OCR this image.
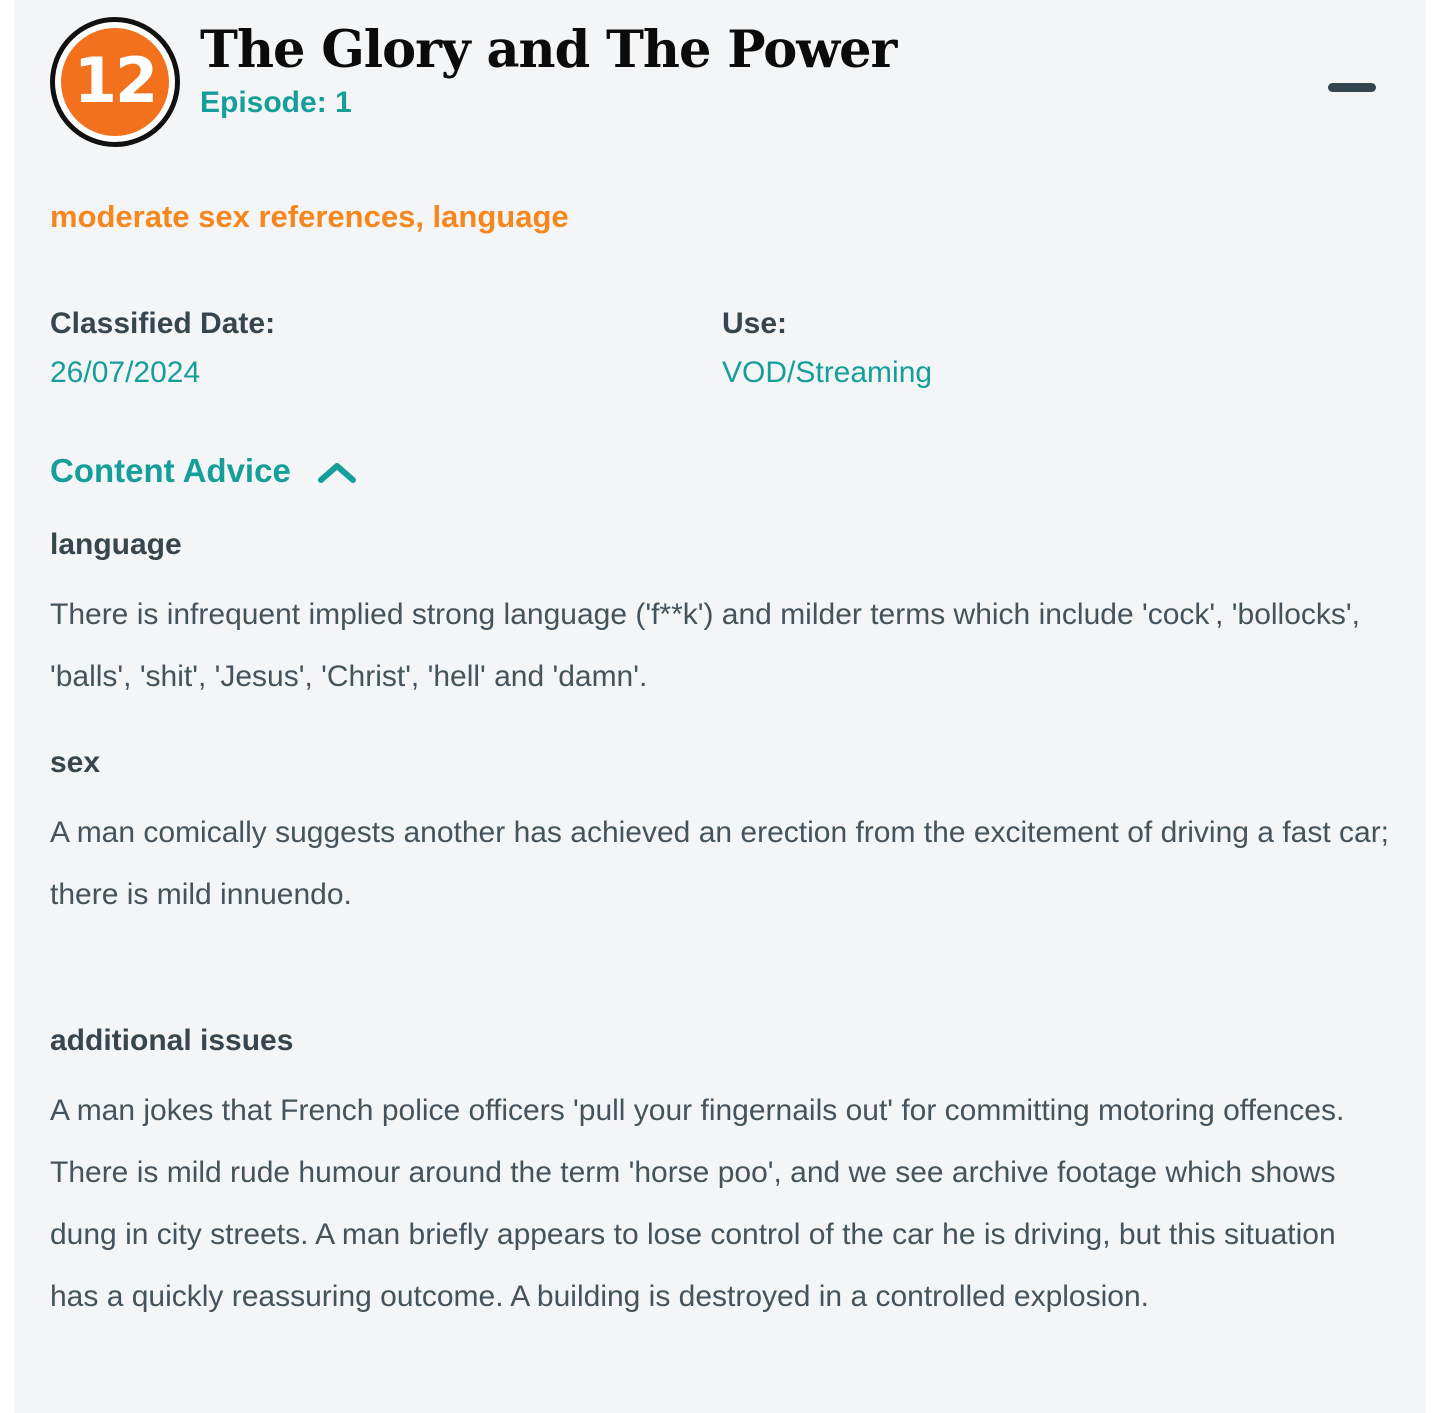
12 The Glory and The Power
Episode: 1
moderate sex references, language
Classified Date:
26/07/2024
Use:
VOD/Streaming
Content Advice
language

There is infrequent implied strong language ('f**k') and milder terms which include 'cock', 'bollocks', 'balls', 'shit', 'Jesus', 'Christ', 'hell' and 'damn'.

sex

A man comically suggests another has achieved an erection from the excitement of driving a fast car; there is mild innuendo.

additional issues

A man jokes that French police officers 'pull your fingernails out' for committing motoring offences. There is mild rude humour around the term 'horse poo', and we see archive footage which shows dung in city streets. A man briefly appears to lose control of the car he is driving, but this situation has a quickly reassuring outcome. A building is destroyed in a controlled explosion.
